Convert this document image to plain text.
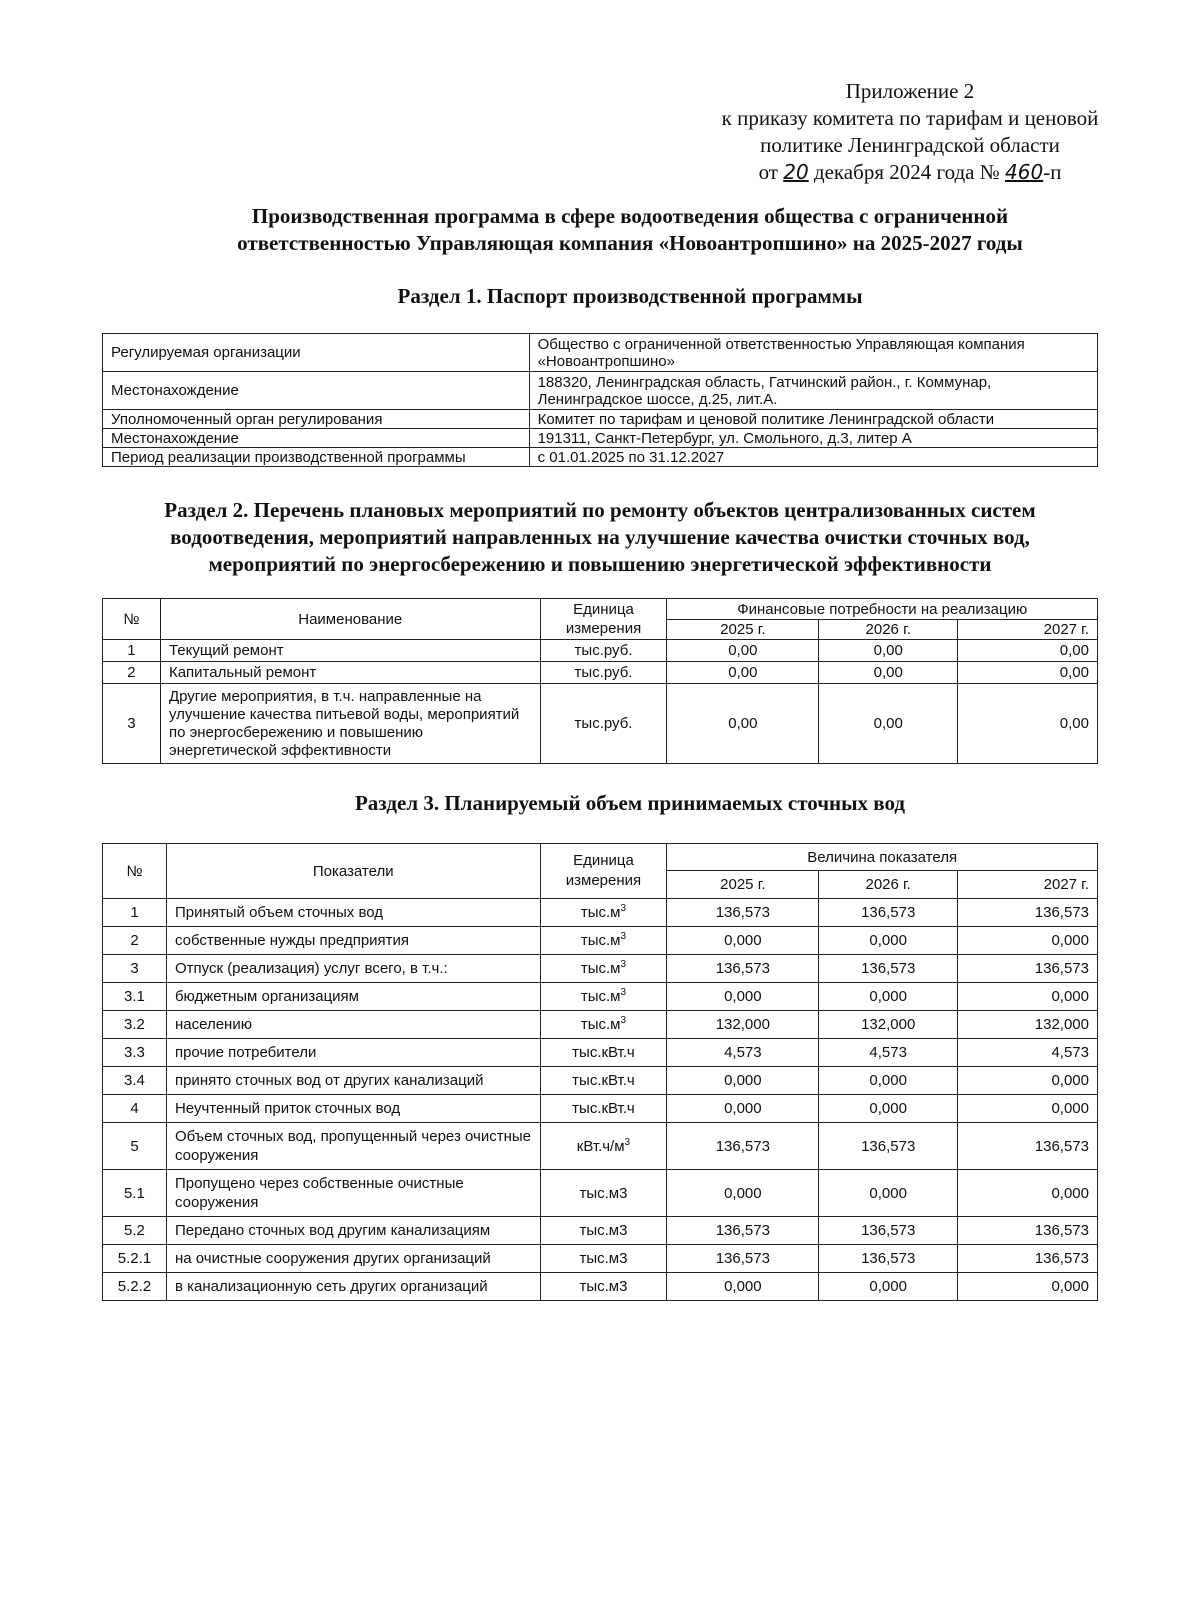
Приложение 2
к приказу комитета по тарифам и ценовой
политике Ленинградской области
от 20 декабря 2024 года № 460-п
Производственная программа в сфере водоотведения общества с ограниченной
ответственностью Управляющая компания «Новоантропшино» на 2025-2027 годы
Раздел 1. Паспорт производственной программы
Регулируемая организации	Общество с ограниченной ответственностью Управляющая компания «Новоантропшино»
Местонахождение	188320, Ленинградская область, Гатчинский район., г. Коммунар, Ленинградское шоссе, д.25, лит.А.
Уполномоченный орган регулирования	Комитет по тарифам и ценовой политике Ленинградской области
Местонахождение	191311, Санкт-Петербург, ул. Смольного, д.3, литер А
Период реализации производственной программы	с 01.01.2025 по 31.12.2027
Раздел 2. Перечень плановых мероприятий по ремонту объектов централизованных систем
водоотведения, мероприятий направленных на улучшение качества очистки сточных вод,
мероприятий по энергосбережению и повышению энергетической эффективности
№	Наименование	Единица измерения	Финансовые потребности на реализацию		
			2025 г.	2026 г.	2027 г.
1	Текущий ремонт	тыс.руб.	0,00	0,00	0,00
2	Капитальный ремонт	тыс.руб.	0,00	0,00	0,00
3	Другие мероприятия, в т.ч. направленные на улучшение качества питьевой воды, мероприятий по энергосбережению и повышению энергетической эффективности	тыс.руб.	0,00	0,00	0,00
Раздел 3. Планируемый объем принимаемых сточных вод
№	Показатели	Единица измерения	Величина показателя		
			2025 г.	2026 г.	2027 г.
1	Принятый объем сточных вод	$тыс.м^3$	136,573	136,573	136,573
2	собственные нужды предприятия	$тыс.м^3$	0,000	0,000	0,000
3	Отпуск (реализация) услуг всего, в т.ч.:	$тыс.м^3$	136,573	136,573	136,573
3.1	бюджетным организациям	$тыс.м^3$	0,000	0,000	0,000
3.2	населению	$тыс.м^3$	132,000	132,000	132,000
3.3	прочие потребители	тыс.кВт.ч	4,573	4,573	4,573
3.4	принято сточных вод от других канализаций	тыс.кВт.ч	0,000	0,000	0,000
4	Неучтенный приток сточных вод	тыс.кВт.ч	0,000	0,000	0,000
5	Объем сточных вод, пропущенный через очистные сооружения	$кВт.ч/м^3$	136,573	136,573	136,573
5.1	Пропущено через собственные очистные сооружения	тыс.м3	0,000	0,000	0,000
5.2	Передано сточных вод другим канализациям	тыс.м3	136,573	136,573	136,573
5.2.1	на очистные сооружения других организаций	тыс.м3	136,573	136,573	136,573
5.2.2	в канализационную сеть других организаций	тыс.м3	0,000	0,000	0,000
